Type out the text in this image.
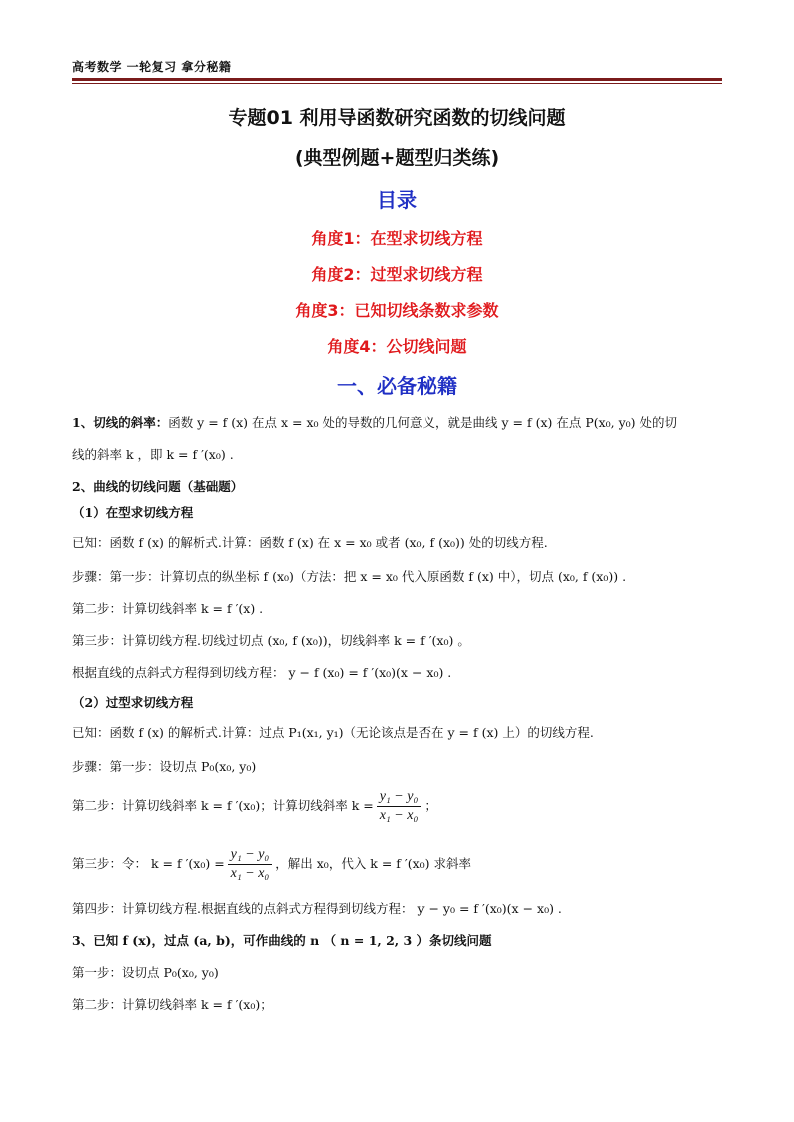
高考数学 一轮复习 拿分秘籍
专题01 利用导函数研究函数的切线问题
(典型例题+题型归类练)
目录
角度1：在型求切线方程
角度2：过型求切线方程
角度3：已知切线条数求参数
角度4：公切线问题
一、必备秘籍
1、切线的斜率：函数 y = f (x) 在点 x = x₀ 处的导数的几何意义，就是曲线 y = f (x) 在点 P(x₀, y₀) 处的切
线的斜率 k ，即 k = f ′(x₀) .
2、曲线的切线问题（基础题）
（1）在型求切线方程
已知：函数 f (x) 的解析式.计算：函数 f (x) 在 x = x₀ 或者 (x₀, f (x₀)) 处的切线方程.
步骤：第一步：计算切点的纵坐标 f (x₀)（方法：把 x = x₀ 代入原函数 f (x) 中），切点 (x₀, f (x₀)) .
第二步：计算切线斜率 k = f ′(x) .
第三步：计算切线方程.切线过切点 (x₀, f (x₀))，切线斜率 k = f ′(x₀) 。
根据直线的点斜式方程得到切线方程： y − f (x₀) = f ′(x₀)(x − x₀) .
（2）过型求切线方程
已知：函数 f (x) 的解析式.计算：过点 P₁(x₁, y₁)（无论该点是否在 y = f (x) 上）的切线方程.
步骤：第一步：设切点 P₀(x₀, y₀)
第二步：计算切线斜率 k = f ′(x₀)；计算切线斜率 $k = \frac{\text{y₁ − y₀}}{\text{x₁ − x₀}}$ ；
第三步：令： k = f $'(x_0) = \frac{\text{y₁ − y₀}}{\text{x₁ − x₀}}$ ，解出 x₀，代入 k = f ′(x₀) 求斜率
第四步：计算切线方程.根据直线的点斜式方程得到切线方程： y − y₀ = f ′(x₀)(x − x₀) .
3、已知 f (x)，过点 (a, b)，可作曲线的 n （ n = 1, 2, 3 ）条切线问题
第一步：设切点 P₀(x₀, y₀)
第二步：计算切线斜率 k = f ′(x₀)；
